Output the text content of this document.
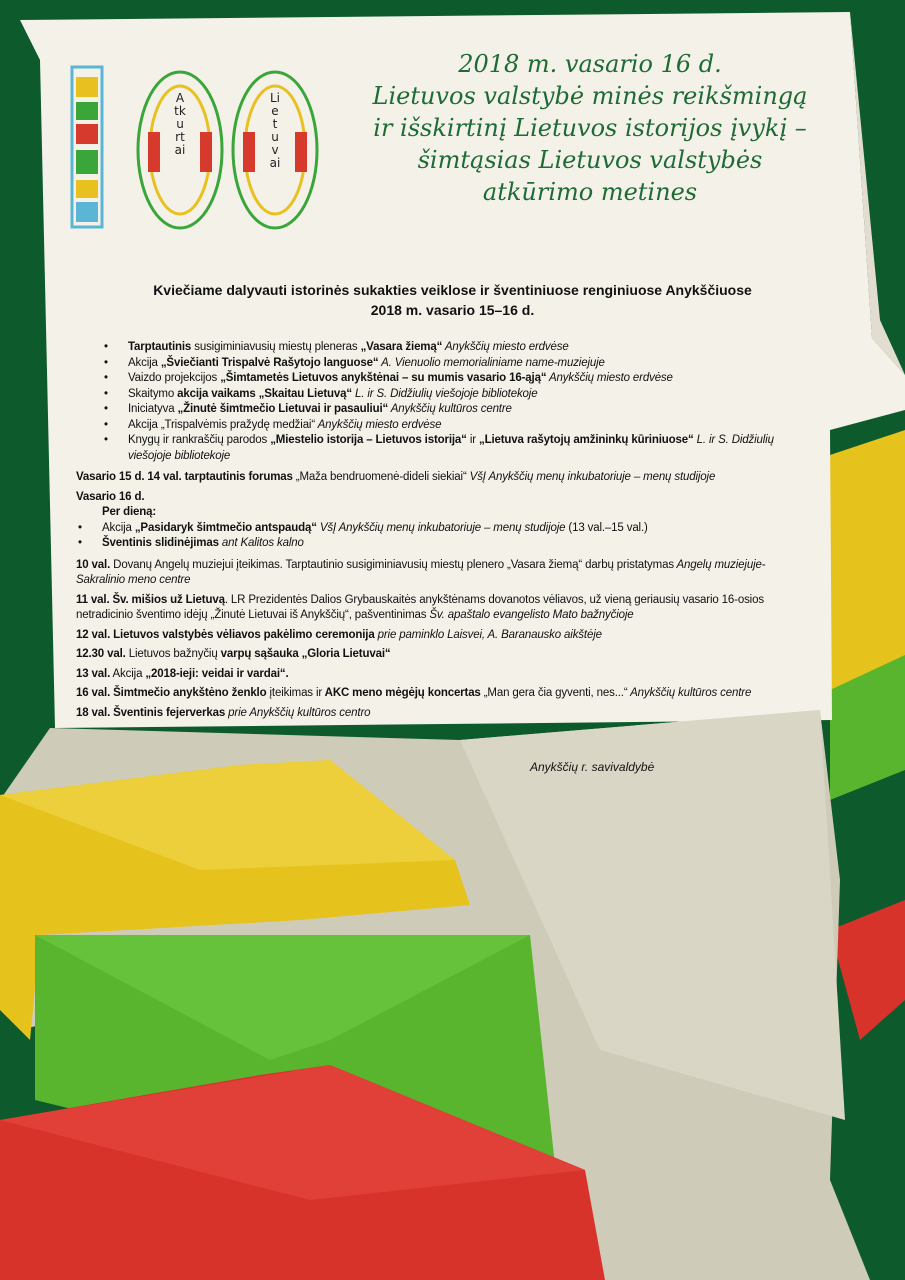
Atkurtai
Lietuvai
2018 m. vasario 16 d.
Lietuvos valstybė minės reikšmingą
ir išskirtinį Lietuvos istorijos įvykį –
šimtąsias Lietuvos valstybės
atkūrimo metines
Kviečiame dalyvauti istorinės sukakties veiklose ir šventiniuose renginiuose Anykščiuose
2018 m. vasario 15–16 d.
• Tarptautinis susigiminiavusių miestų pleneras „Vasara žiemą“ Anykščių miesto erdvėse
• Akcija „Šviečianti Trispalvė Rašytojo languose“ A. Vienuolio memorialiniame name-muziejuje
• Vaizdo projekcijos „Šimtametės Lietuvos anykštėnai – su mumis vasario 16-ąją“ Anykščių miesto erdvėse
• Skaitymo akcija vaikams „Skaitau Lietuvą“ L. ir S. Didžiulių viešojoje bibliotekoje
• Iniciatyva „Žinutė šimtmečio Lietuvai ir pasauliui“ Anykščių kultūros centre
• Akcija „Trispalvėmis pražydę medžiai“ Anykščių miesto erdvėse
• Knygų ir rankraščių parodos „Miestelio istorija – Lietuvos istorija“ ir „Lietuva rašytojų amžininkų kūriniuose“ L. ir S. Didžiulių viešojoje bibliotekoje

Vasario 15 d. 14 val. tarptautinis forumas „Maža bendruomenė-dideli siekiai“ VšĮ Anykščių menų inkubatoriuje – menų studijoje

Vasario 16 d.

Per dieną:

• Akcija „Pasidaryk šimtmečio antspaudą“ VšĮ Anykščių menų inkubatoriuje – menų studijoje (13 val.–15 val.)
• Šventinis slidinėjimas ant Kalitos kalno

10 val. Dovanų Angelų muziejui įteikimas. Tarptautinio susigiminiavusių miestų plenero „Vasara žiemą“ darbų pristatymas Angelų muziejuje-Sakralinio meno centre

11 val. Šv. mišios už Lietuvą. LR Prezidentės Dalios Grybauskaitės anykštėnams dovanotos vėliavos, už vieną geriausių vasario 16-osios netradicinio šventimo idėjų „Žinutė Lietuvai iš Anykščių“, pašventinimas Šv. apaštalo evangelisto Mato bažnyčioje

12 val. Lietuvos valstybės vėliavos pakėlimo ceremonija prie paminklo Laisvei, A. Baranausko aikštėje

12.30 val. Lietuvos bažnyčių varpų sąšauka „Gloria Lietuvai“

13 val. Akcija „2018-ieji: veidai ir vardai“.

16 val. Šimtmečio anykštėno ženklo įteikimas ir AKC meno mėgėjų koncertas „Man gera čia gyventi, nes...“ Anykščių kultūros centre

18 val. Šventinis fejerverkas prie Anykščių kultūros centro

Anykščių r. savivaldybė
